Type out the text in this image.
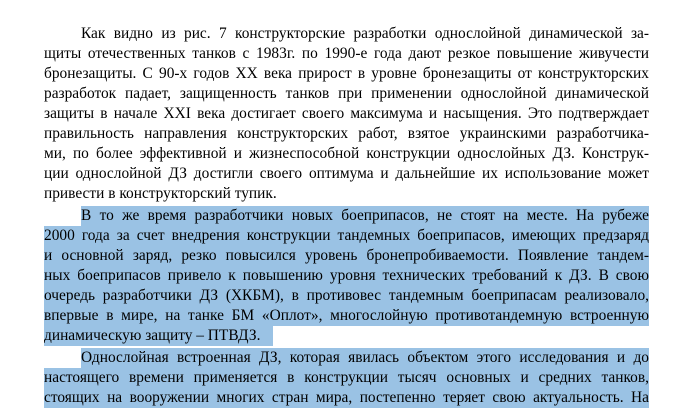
Как видно из рис. 7 конструкторские разработки однослойной динамической за-
щиты отечественных танков с 1983г. по 1990-е года дают резкое повышение живучести
бронезащиты. С 90-х годов XX века прирост в уровне бронезащиты от конструкторских
разработок падает, защищенность танков при применении однослойной динамической
защиты в начале XXI века достигает своего максимума и насыщения. Это подтверждает
правильность направления конструкторских работ, взятое украинскими разработчика-
ми, по более эффективной и жизнеспособной конструкции однослойных ДЗ. Конструк-
ции однослойной ДЗ достигли своего оптимума и дальнейшие их использование может
привести в конструкторский тупик.
В то же время разработчики новых боеприпасов, не стоят на месте. На рубеже
2000 года за счет внедрения конструкции тандемных боеприпасов, имеющих предзаряд
и основной заряд, резко повысился уровень бронепробиваемости. Появление тандем-
ных боеприпасов привело к повышению уровня технических требований к ДЗ. В свою
очередь разработчики ДЗ (ХКБМ), в противовес тандемным боеприпасам реализовало,
впервые в мире, на танке БМ «Оплот», многослойную противотандемную встроенную
динамическую защиту – ПТВДЗ.
Однослойная встроенная ДЗ, которая явилась объектом этого исследования и до
настоящего времени применяется в конструкции тысяч основных и средних танков,
стоящих на вооружении многих стран мира, постепенно теряет свою актуальность. На
